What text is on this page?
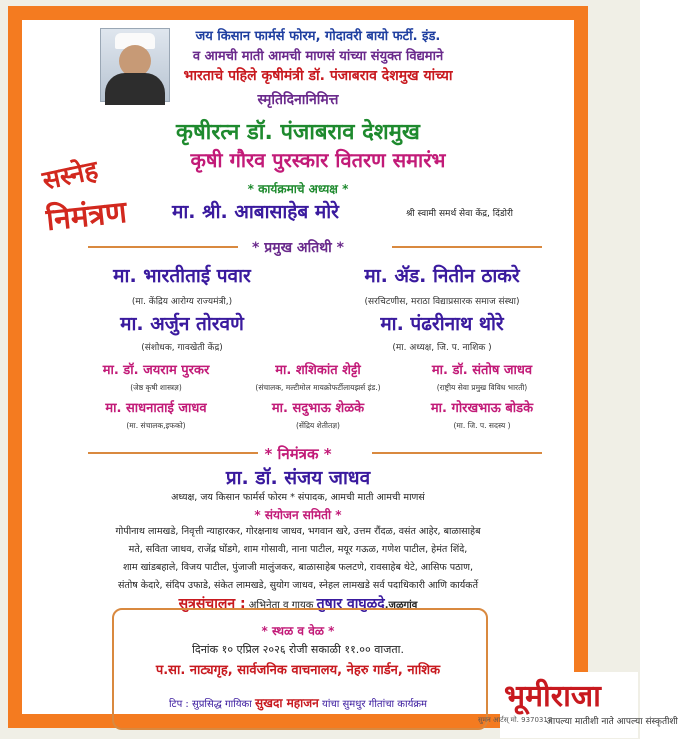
जय किसान फार्मर्स फोरम, गोदावरी बायो फर्टी. इंड.
व आमची माती आमची माणसं यांच्या संयुक्त विद्यमाने
भारताचे पहिले कृषीमंत्री डॉ. पंजाबराव देशमुख यांच्या
स्मृतिदिनानिमित्त
कृषीरत्न डॉ. पंजाबराव देशमुख
कृषी गौरव पुरस्कार वितरण समारंभ
सस्नेह
निमंत्रण
* कार्यक्रमाचे अध्यक्ष *
मा. श्री. आबासाहेब मोरे	श्री स्वामी समर्थ सेवा केंद्र, दिंडोरी
* प्रमुख अतिथी *
मा. भारतीताई पवार
(मा. केंद्रिय आरोग्य राज्यमंत्री,)
मा. ॲड. नितीन ठाकरे
(सरचिटणीस, मराठा विद्याप्रसारक समाज संस्था)
मा. अर्जुन तोरवणे
(संशोधक, गावखेती केंद्र)
मा. पंढरीनाथ थोरे
(मा. अध्यक्ष, जि. प. नाशिक )
मा. डॉ. जयराम पुरकर
(जेष्ठ कृषी शास्त्रज्ञ)
मा. शशिकांत शेट्टी
(संचालक, मल्टीमोल मायक्रोफर्टीलायझर्स इंड.)
मा. डॉ. संतोष जाधव
(राष्ट्रीय सेवा प्रमुख विविध भारती)
मा. साधनाताई जाधव
(मा. संचालक,इफको)
मा. सदुभाऊ शेळके
(सेंद्रिय शेतीतज्ञ)
मा. गोरखभाऊ बोडके
(मा. जि. प. सदस्य )
* निमंत्रक *
प्रा. डॉ. संजय जाधव
अध्यक्ष, जय किसान फार्मर्स फोरम * संपादक, आमची माती आमची माणसं
* संयोजन समिती *
गोपीनाथ लामखडे, निवृत्ती न्याहारकर, गोरक्षनाथ जाधव, भगवान खरे, उत्तम रौंदळ, वसंत आहेर, बाळासाहेब
मते, सविता जाधव, राजेंद्र घोंडगे, शाम गोसावी, नाना पाटील, मयूर गऊळ, गणेश पाटील, हेमंत शिंदे,
शाम खांडबहाले, विजय पाटील, पुंजाजी मालुंजकर, बाळासाहेब फलटणे, रावसाहेब थेटे, आसिफ पठाण,
संतोष केदारे, संदिप उफाडे, संकेत लामखडे, सुयोग जाधव, स्नेहल लामखडे सर्व पदाधिकारी आणि कार्यकर्ते
सुत्रसंचालन : अभिनेता व गायक तुषार वाघुळदे,जळगांव
* स्थळ व वेळ *
दिनांक १० एप्रिल २०२६ रोजी सकाळी ११.०० वाजता.
प.सा. नाट्यगृह, सार्वजनिक वाचनालय, नेहरु गार्डन, नाशिक
टिप : सुप्रसिद्ध गायिका सुखदा महाजन यांचा सुमधुर गीतांचा कार्यक्रम	भूमीराजा
आपल्या मातीशी नाते आपल्या संस्कृतीशी
सुमन आर्टस् मो. 9370317
